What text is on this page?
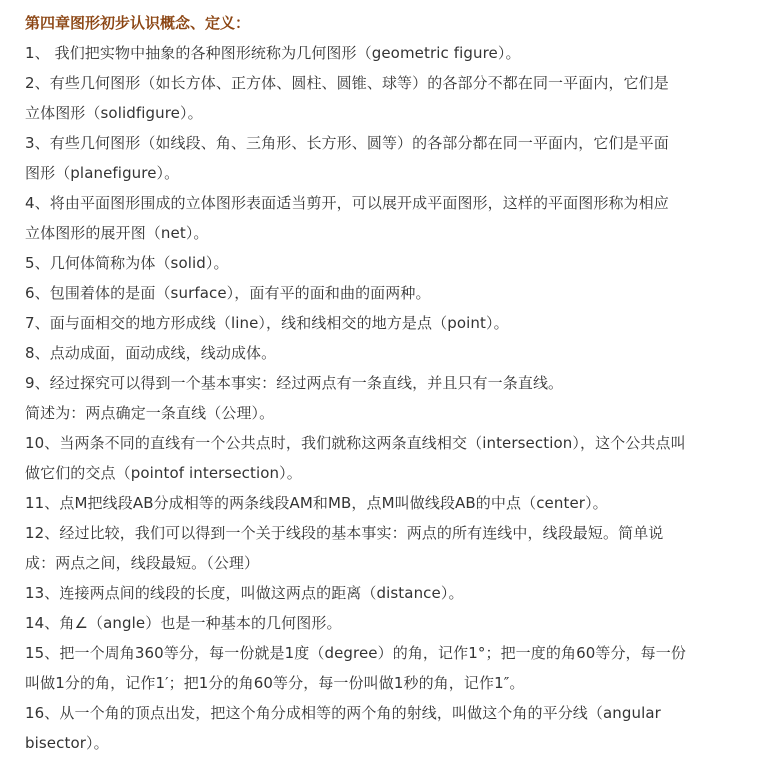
第四章图形初步认识概念、定义：

1、 我们把实物中抽象的各种图形统称为几何图形（geometric figure）。

2、有些几何图形（如长方体、正方体、圆柱、圆锥、球等）的各部分不都在同一平面内，它们是

立体图形（solidfigure）。

3、有些几何图形（如线段、角、三角形、长方形、圆等）的各部分都在同一平面内，它们是平面

图形（planefigure）。

4、将由平面图形围成的立体图形表面适当剪开，可以展开成平面图形，这样的平面图形称为相应

立体图形的展开图（net）。

5、几何体简称为体（solid）。

6、包围着体的是面（surface），面有平的面和曲的面两种。

7、面与面相交的地方形成线（line），线和线相交的地方是点（point）。

8、点动成面，面动成线，线动成体。

9、经过探究可以得到一个基本事实：经过两点有一条直线，并且只有一条直线。

简述为：两点确定一条直线（公理）。

10、当两条不同的直线有一个公共点时，我们就称这两条直线相交（intersection），这个公共点叫

做它们的交点（pointof intersection）。

11、点M把线段AB分成相等的两条线段AM和MB，点M叫做线段AB的中点（center）。

12、经过比较，我们可以得到一个关于线段的基本事实：两点的所有连线中，线段最短。简单说

成：两点之间，线段最短。（公理）

13、连接两点间的线段的长度，叫做这两点的距离（distance）。

14、角∠（angle）也是一种基本的几何图形。

15、把一个周角360等分，每一份就是1度（degree）的角，记作1°；把一度的角60等分，每一份

叫做1分的角，记作1′；把1分的角60等分，每一份叫做1秒的角，记作1″。

16、从一个角的顶点出发，把这个角分成相等的两个角的射线，叫做这个角的平分线（angular

bisector）。
